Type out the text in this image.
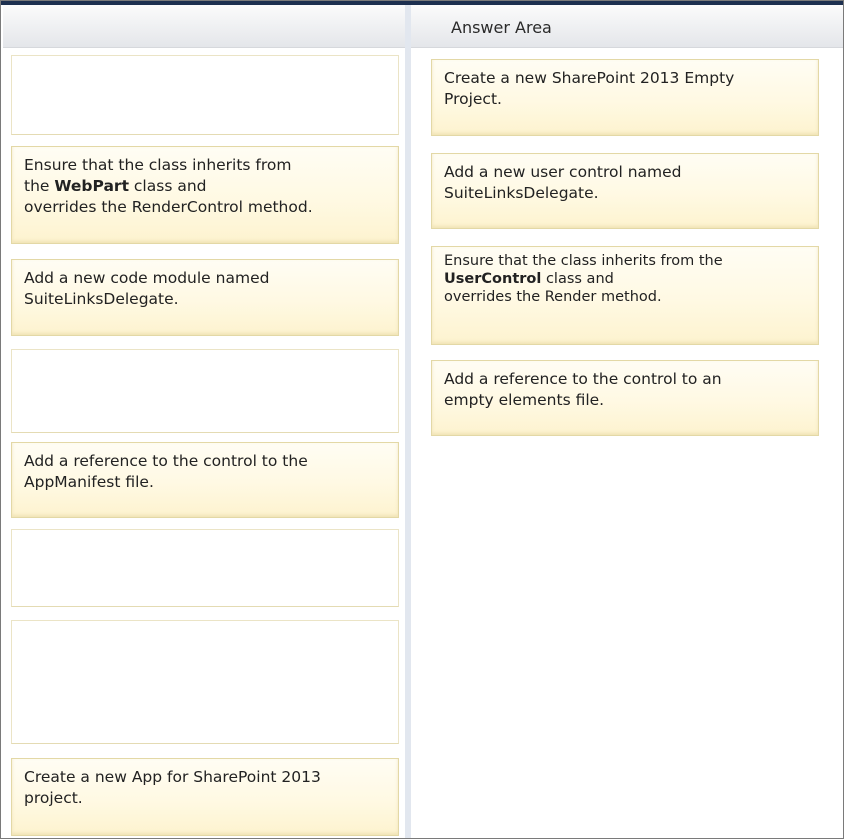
Ensure that the class inherits from
the WebPart class and
overrides the RenderControl method.
Add a new code module named
SuiteLinksDelegate.
Add a reference to the control to the
AppManifest file.
Create a new App for SharePoint 2013
project.
Answer Area
Create a new SharePoint 2013 Empty
Project.
Add a new user control named
SuiteLinksDelegate.
Ensure that the class inherits from the
UserControl class and
overrides the Render method.
Add a reference to the control to an
empty elements file.
